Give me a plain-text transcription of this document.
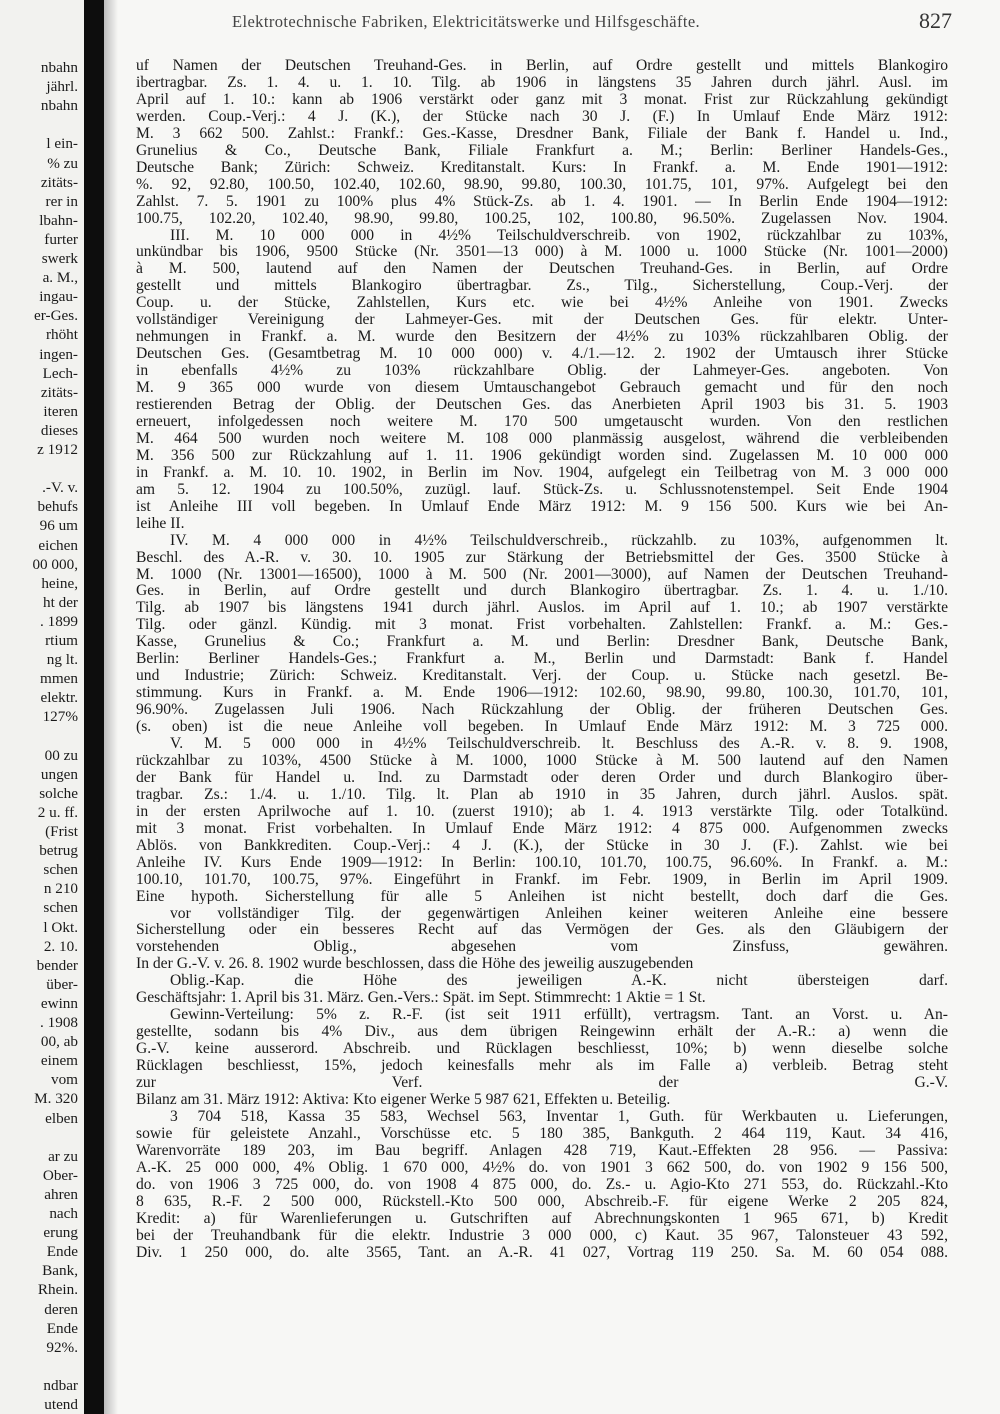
nbahn
jährl.
nbahn
l ein-
% zu
zitäts-
rer in
lbahn-
furter
swerk
a. M.,
ingau-
er-Ges.
rhöht
ingen-
Lech-
zitäts-
iteren
dieses
z 1912
.-V. v.
behufs
96 um
eichen
00 000,
heine,
ht der
. 1899
rtium
ng lt.
mmen
elektr.
127%
00 zu
ungen
solche
2 u. ff.
(Frist
betrug
schen
n 210
schen
l Okt.
2. 10.
bender
über-
ewinn
. 1908
00, ab
einem
vom
M. 320
elben
ar zu
Ober-
ahren
nach
erung
Ende
Bank,
Rhein.
deren
Ende
92%.
ndbar
utend
Elektrotechnische Fabriken, Elektricitätswerke und Hilfsgeschäfte.	827
uf Namen der Deutschen Treuhand-Ges. in Berlin, auf Ordre gestellt und mittels Blankogiro
ibertragbar. Zs. 1. 4. u. 1. 10. Tilg. ab 1906 in längstens 35 Jahren durch jährl. Ausl. im
April auf 1. 10.: kann ab 1906 verstärkt oder ganz mit 3 monat. Frist zur Rückzahlung gekündigt
werden. Coup.-Verj.: 4 J. (K.), der Stücke nach 30 J. (F.) In Umlauf Ende März 1912:
M. 3 662 500. Zahlst.: Frankf.: Ges.-Kasse, Dresdner Bank, Filiale der Bank f. Handel u. Ind.,
Grunelius & Co., Deutsche Bank, Filiale Frankfurt a. M.; Berlin: Berliner Handels-Ges.,
Deutsche Bank; Zürich: Schweiz. Kreditanstalt. Kurs: In Frankf. a. M. Ende 1901—1912:
%. 92, 92.80, 100.50, 102.40, 102.60, 98.90, 99.80, 100.30, 101.75, 101, 97%. Aufgelegt bei den
Zahlst. 7. 5. 1901 zu 100% plus 4% Stück-Zs. ab 1. 4. 1901. — In Berlin Ende 1904—1912:
100.75, 102.20, 102.40, 98.90, 99.80, 100.25, 102, 100.80, 96.50%. Zugelassen Nov. 1904.
III. M. 10 000 000 in 4½% Teilschuldverschreib. von 1902, rückzahlbar zu 103%,
unkündbar bis 1906, 9500 Stücke (Nr. 3501—13 000) à M. 1000 u. 1000 Stücke (Nr. 1001—2000)
à M. 500, lautend auf den Namen der Deutschen Treuhand-Ges. in Berlin, auf Ordre
gestellt und mittels Blankogiro übertragbar. Zs., Tilg., Sicherstellung, Coup.-Verj. der
Coup. u. der Stücke, Zahlstellen, Kurs etc. wie bei 4½% Anleihe von 1901. Zwecks
vollständiger Vereinigung der Lahmeyer-Ges. mit der Deutschen Ges. für elektr. Unter-
nehmungen in Frankf. a. M. wurde den Besitzern der 4½% zu 103% rückzahlbaren Oblig. der
Deutschen Ges. (Gesamtbetrag M. 10 000 000) v. 4./1.—12. 2. 1902 der Umtausch ihrer Stücke
in ebenfalls 4½% zu 103% rückzahlbare Oblig. der Lahmeyer-Ges. angeboten. Von
M. 9 365 000 wurde von diesem Umtauschangebot Gebrauch gemacht und für den noch
restierenden Betrag der Oblig. der Deutschen Ges. das Anerbieten April 1903 bis 31. 5. 1903
erneuert, infolgedessen noch weitere M. 170 500 umgetauscht wurden. Von den restlichen
M. 464 500 wurden noch weitere M. 108 000 planmässig ausgelost, während die verbleibenden
M. 356 500 zur Rückzahlung auf 1. 11. 1906 gekündigt worden sind. Zugelassen M. 10 000 000
in Frankf. a. M. 10. 10. 1902, in Berlin im Nov. 1904, aufgelegt ein Teilbetrag von M. 3 000 000
am 5. 12. 1904 zu 100.50%, zuzügl. lauf. Stück-Zs. u. Schlussnotenstempel. Seit Ende 1904
ist Anleihe III voll begeben. In Umlauf Ende März 1912: M. 9 156 500. Kurs wie bei An-
leihe II.
IV. M. 4 000 000 in 4½% Teilschuldverschreib., rückzahlb. zu 103%, aufgenommen lt.
Beschl. des A.-R. v. 30. 10. 1905 zur Stärkung der Betriebsmittel der Ges. 3500 Stücke à
M. 1000 (Nr. 13001—16500), 1000 à M. 500 (Nr. 2001—3000), auf Namen der Deutschen Treuhand-
Ges. in Berlin, auf Ordre gestellt und durch Blankogiro übertragbar. Zs. 1. 4. u. 1./10.
Tilg. ab 1907 bis längstens 1941 durch jährl. Auslos. im April auf 1. 10.; ab 1907 verstärkte
Tilg. oder gänzl. Kündig. mit 3 monat. Frist vorbehalten. Zahlstellen: Frankf. a. M.: Ges.-
Kasse, Grunelius & Co.; Frankfurt a. M. und Berlin: Dresdner Bank, Deutsche Bank,
Berlin: Berliner Handels-Ges.; Frankfurt a. M., Berlin und Darmstadt: Bank f. Handel
und Industrie; Zürich: Schweiz. Kreditanstalt. Verj. der Coup. u. Stücke nach gesetzl. Be-
stimmung. Kurs in Frankf. a. M. Ende 1906—1912: 102.60, 98.90, 99.80, 100.30, 101.70, 101,
96.90%. Zugelassen Juli 1906. Nach Rückzahlung der Oblig. der früheren Deutschen Ges.
(s. oben) ist die neue Anleihe voll begeben. In Umlauf Ende März 1912: M. 3 725 000.
V. M. 5 000 000 in 4½% Teilschuldverschreib. lt. Beschluss des A.-R. v. 8. 9. 1908,
rückzahlbar zu 103%, 4500 Stücke à M. 1000, 1000 Stücke à M. 500 lautend auf den Namen
der Bank für Handel u. Ind. zu Darmstadt oder deren Order und durch Blankogiro über-
tragbar. Zs.: 1./4. u. 1./10. Tilg. lt. Plan ab 1910 in 35 Jahren, durch jährl. Auslos. spät.
in der ersten Aprilwoche auf 1. 10. (zuerst 1910); ab 1. 4. 1913 verstärkte Tilg. oder Totalkünd.
mit 3 monat. Frist vorbehalten. In Umlauf Ende März 1912: 4 875 000. Aufgenommen zwecks
Ablös. von Bankkrediten. Coup.-Verj.: 4 J. (K.), der Stücke in 30 J. (F.). Zahlst. wie bei
Anleihe IV. Kurs Ende 1909—1912: In Berlin: 100.10, 101.70, 100.75, 96.60%. In Frankf. a. M.:
100.10, 101.70, 100.75, 97%. Eingeführt in Frankf. im Febr. 1909, in Berlin im April 1909.
Eine hypoth. Sicherstellung für alle 5 Anleihen ist nicht bestellt, doch darf die Ges.
vor vollständiger Tilg. der gegenwärtigen Anleihen keiner weiteren Anleihe eine bessere
Sicherstellung oder ein besseres Recht auf das Vermögen der Ges. als den Gläubigern der
vorstehenden Oblig., abgesehen vom Zinsfuss, gewähren.
In der G.-V. v. 26. 8. 1902 wurde beschlossen, dass die Höhe des jeweilig auszugebenden
Oblig.-Kap. die Höhe des jeweiligen A.-K. nicht übersteigen darf.
Geschäftsjahr: 1. April bis 31. März. Gen.-Vers.: Spät. im Sept. Stimmrecht: 1 Aktie = 1 St.
Gewinn-Verteilung: 5% z. R.-F. (ist seit 1911 erfüllt), vertragsm. Tant. an Vorst. u. An-
gestellte, sodann bis 4% Div., aus dem übrigen Reingewinn erhält der A.-R.: a) wenn die
G.-V. keine ausserord. Abschreib. und Rücklagen beschliesst, 10%; b) wenn dieselbe solche
Rücklagen beschliesst, 15%, jedoch keinesfalls mehr als im Falle a) verbleib. Betrag steht
zur Verf. der G.-V.
Bilanz am 31. März 1912: Aktiva: Kto eigener Werke 5 987 621, Effekten u. Beteilig.
3 704 518, Kassa 35 583, Wechsel 563, Inventar 1, Guth. für Werkbauten u. Lieferungen,
sowie für geleistete Anzahl., Vorschüsse etc. 5 180 385, Bankguth. 2 464 119, Kaut. 34 416,
Warenvorräte 189 203, im Bau begriff. Anlagen 428 719, Kaut.-Effekten 28 956. — Passiva:
A.-K. 25 000 000, 4% Oblig. 1 670 000, 4½% do. von 1901 3 662 500, do. von 1902 9 156 500,
do. von 1906 3 725 000, do. von 1908 4 875 000, do. Zs.- u. Agio-Kto 271 553, do. Rückzahl.-Kto
8 635, R.-F. 2 500 000, Rückstell.-Kto 500 000, Abschreib.-F. für eigene Werke 2 205 824,
Kredit: a) für Warenlieferungen u. Gutschriften auf Abrechnungskonten 1 965 671, b) Kredit
bei der Treuhandbank für die elektr. Industrie 3 000 000, c) Kaut. 35 967, Talonsteuer 43 592,
Div. 1 250 000, do. alte 3565, Tant. an A.-R. 41 027, Vortrag 119 250. Sa. M. 60 054 088.
